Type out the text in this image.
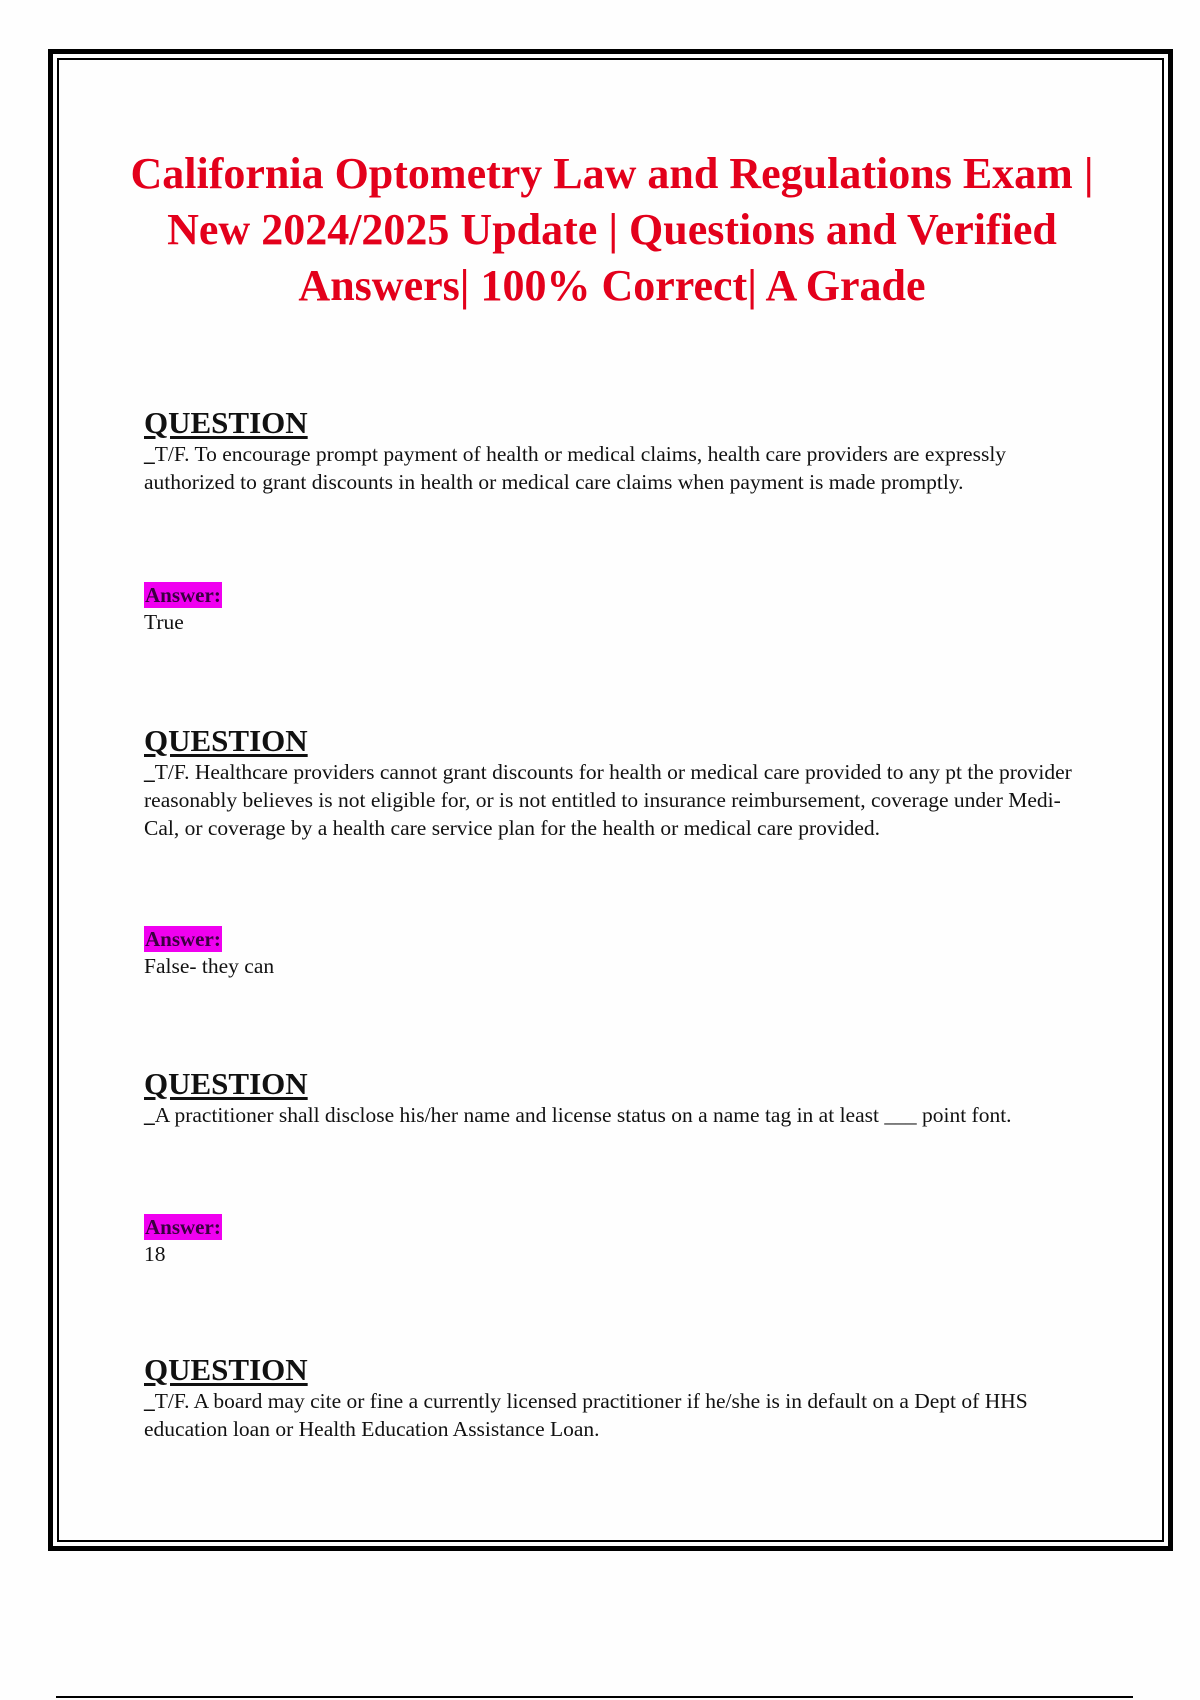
California Optometry Law and Regulations Exam | New 2024/2025 Update | Questions and Verified Answers| 100% Correct| A Grade
QUESTION
_ T/F. To encourage prompt payment of health or medical claims, health care providers are expressly authorized to grant discounts in health or medical care claims when payment is made promptly.
Answer:
True
QUESTION
_ T/F. Healthcare providers cannot grant discounts for health or medical care provided to any pt the provider reasonably believes is not eligible for, or is not entitled to insurance reimbursement, coverage under Medi-Cal, or coverage by a health care service plan for the health or medical care provided.
Answer:
False- they can
QUESTION
_ A practitioner shall disclose his/her name and license status on a name tag in at least ___ point font.
Answer:
18
QUESTION
_ T/F. A board may cite or fine a currently licensed practitioner if he/she is in default on a Dept of HHS education loan or Health Education Assistance Loan.
